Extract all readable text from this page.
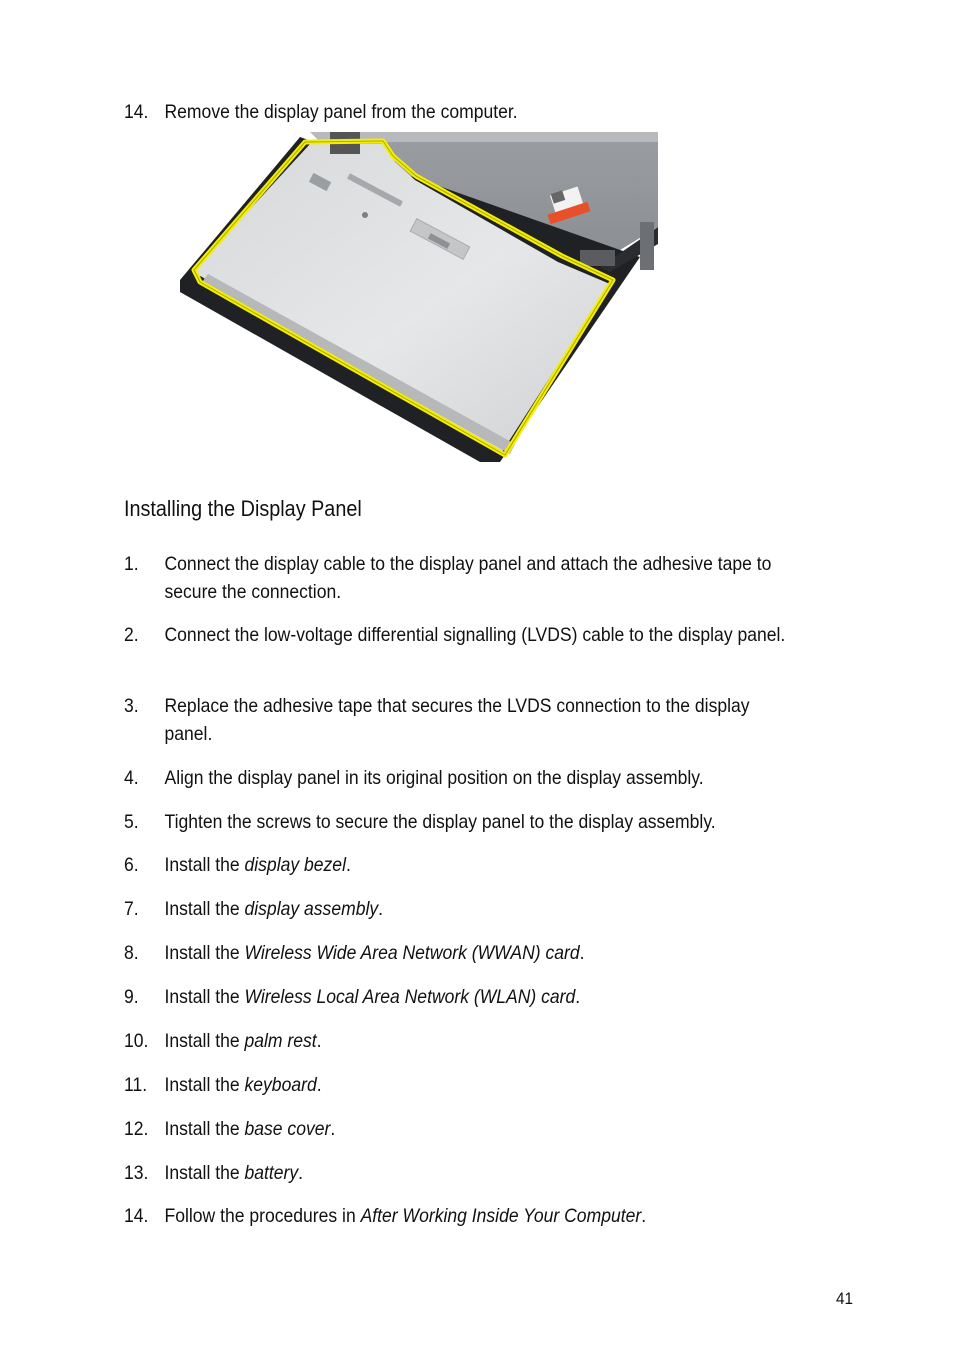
14. Remove the display panel from the computer.
Installing the Display Panel
1. Connect the display cable to the display panel and attach the adhesive tape to secure the connection.
2. Connect the low-voltage differential signalling (LVDS) cable to the display panel.
3. Replace the adhesive tape that secures the LVDS connection to the display panel.
4. Align the display panel in its original position on the display assembly.
5. Tighten the screws to secure the display panel to the display assembly.
6. Install the display bezel.
7. Install the display assembly.
8. Install the Wireless Wide Area Network (WWAN) card.
9. Install the Wireless Local Area Network (WLAN) card.
10. Install the palm rest.
11. Install the keyboard.
12. Install the base cover.
13. Install the battery.
14. Follow the procedures in After Working Inside Your Computer.
41
